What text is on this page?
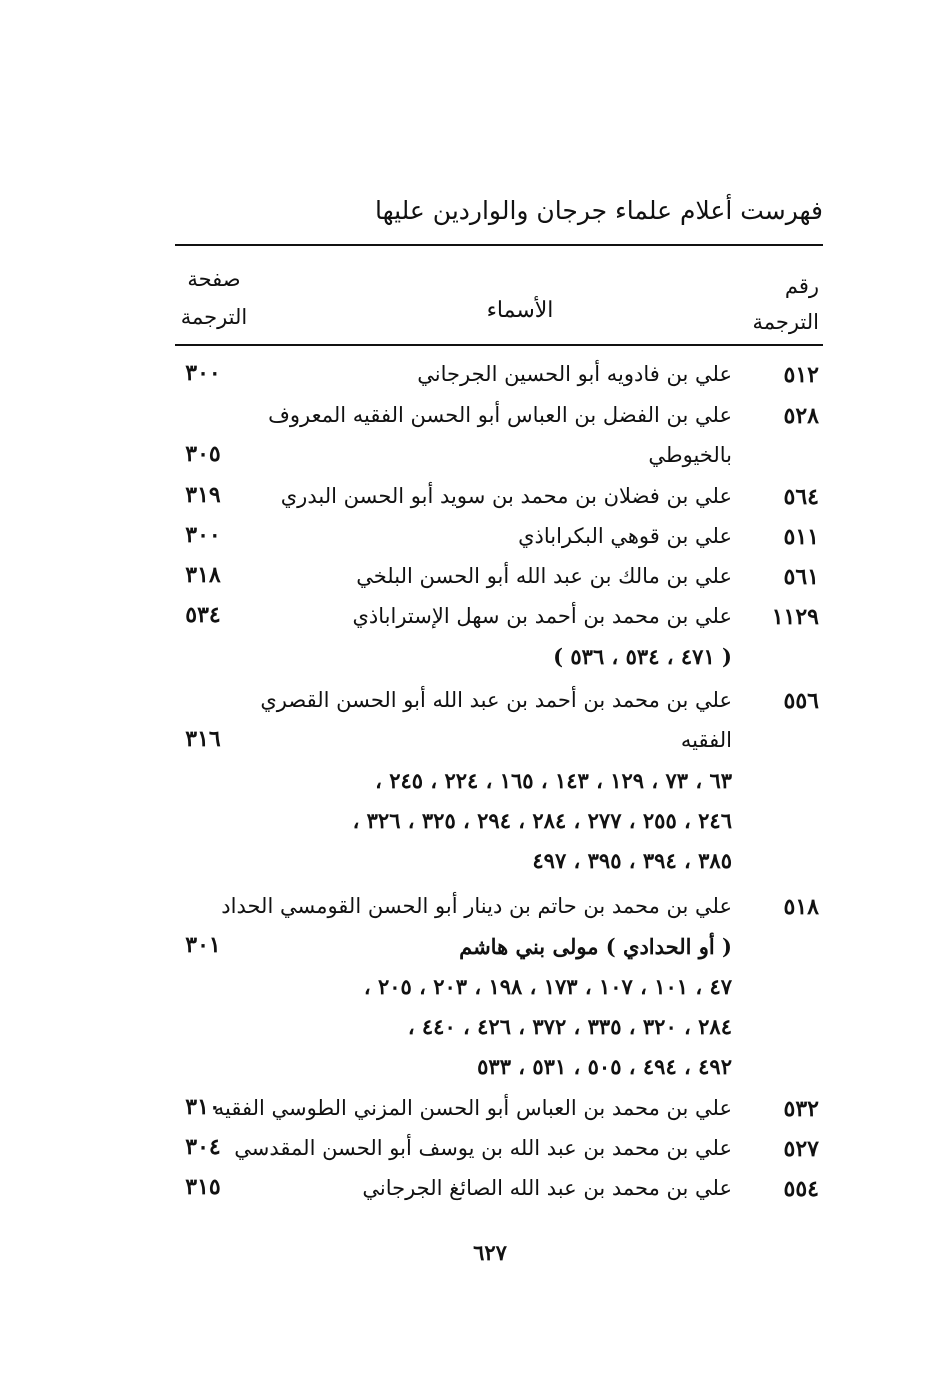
فهرست أعلام علماء جرجان والواردين عليها
رقم
الترجمة
الأسماء
صفحة
الترجمة
٥١٢
علي بن فادويه أبو الحسين الجرجاني
٣٠٠
٥٢٨
علي بن الفضل بن العباس أبو الحسن الفقيه المعروف
بالخيوطي
٣٠٥
٥٦٤
علي بن فضلان بن محمد بن سويد أبو الحسن البدري
٣١٩
٥١١
علي بن قوهي البكراباذي
٣٠٠
٥٦١
علي بن مالك بن عبد الله أبو الحسن البلخي
٣١٨
١١٢٩
علي بن محمد بن أحمد بن سهل الإستراباذي
( ٤٧١ ، ٥٣٤ ، ٥٣٦ )
٥٣٤
٥٥٦
علي بن محمد بن أحمد بن عبد الله أبو الحسن القصري
الفقيه
٦٣ ، ٧٣ ، ١٢٩ ، ١٤٣ ، ١٦٥ ، ٢٢٤ ، ٢٤٥ ،
٢٤٦ ، ٢٥٥ ، ٢٧٧ ، ٢٨٤ ، ٢٩٤ ، ٣٢٥ ، ٣٢٦ ،
٣٨٥ ، ٣٩٤ ، ٣٩٥ ، ٤٩٧
٣١٦
٥١٨
علي بن محمد بن حاتم بن دينار أبو الحسن القومسي الحداد
( أو الحدادي ) مولى بني هاشم
٤٧ ، ١٠١ ، ١٠٧ ، ١٧٣ ، ١٩٨ ، ٢٠٣ ، ٢٠٥ ،
٢٨٤ ، ٣٢٠ ، ٣٣٥ ، ٣٧٢ ، ٤٢٦ ، ٤٤٠ ،
٤٩٢ ، ٤٩٤ ، ٥٠٥ ، ٥٣١ ، ٥٣٣
٣٠١
٥٣٢
علي بن محمد بن العباس أبو الحسن المزني الطوسي الفقيه
٣١٠
٥٢٧
علي بن محمد بن عبد الله بن يوسف أبو الحسن المقدسي
٣٠٤
٥٥٤
علي بن محمد بن عبد الله الصائغ الجرجاني
٣١٥
٦٢٧
